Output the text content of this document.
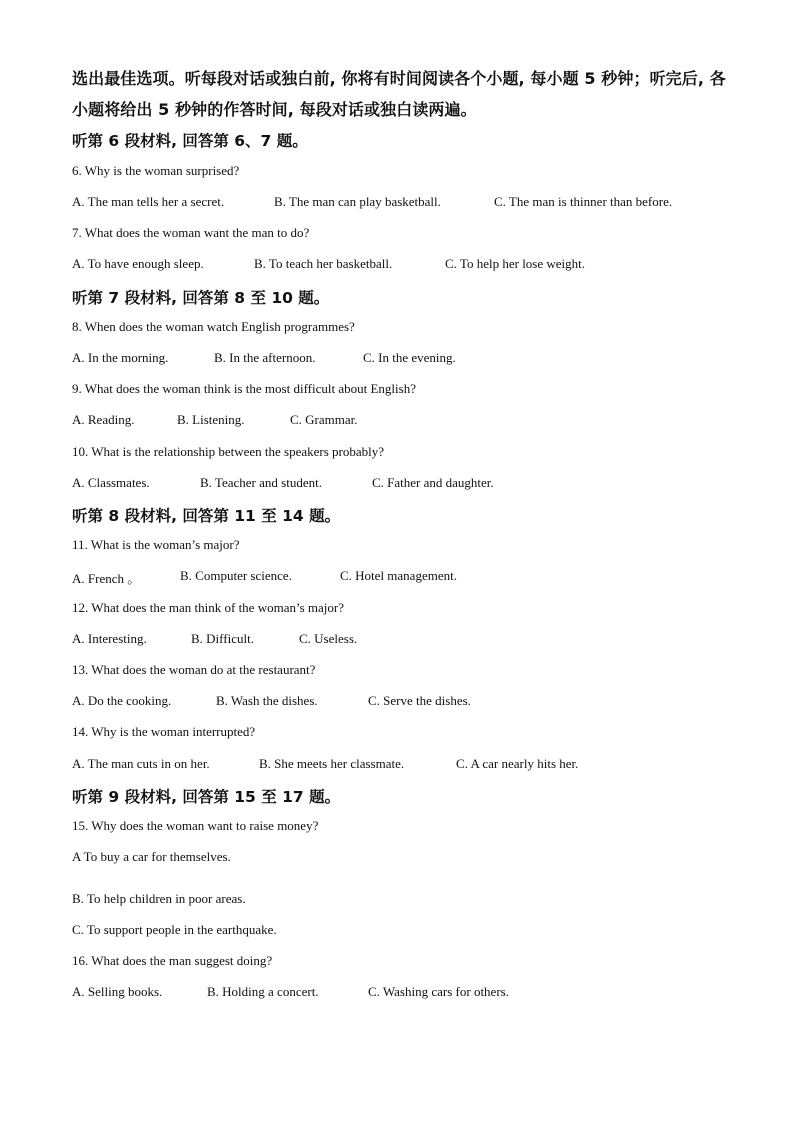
选出最佳选项。听每段对话或独白前, 你将有时间阅读各个小题, 每小题 5 秒钟；听完后, 各
小题将给出 5 秒钟的作答时间, 每段对话或独白读两遍。
听第 6 段材料, 回答第 6、7 题。
6. Why is the woman surprised?
A. The man tells her a secret.	B. The man can play basketball.	C. The man is thinner than before.
7. What does the woman want the man to do?
A. To have enough sleep.	B. To teach her basketball.	C. To help her lose weight.
听第 7 段材料, 回答第 8 至 10 题。
8. When does the woman watch English programmes?
A. In the morning.	B. In the afternoon.	C. In the evening.
9. What does the woman think is the most difficult about English?
A. Reading.	B. Listening.	C. Grammar.
10. What is the relationship between the speakers probably?
A. Classmates.	B. Teacher and student.	C. Father and daughter.
听第 8 段材料, 回答第 11 至 14 题。
11. What is the woman’s major?
A. French 。	B. Computer science.	C. Hotel management.
12. What does the man think of the woman’s major?
A. Interesting.	B. Difficult.	C. Useless.
13. What does the woman do at the restaurant?
A. Do the cooking.	B. Wash the dishes.	C. Serve the dishes.
14. Why is the woman interrupted?
A. The man cuts in on her.	B. She meets her classmate.	C. A car nearly hits her.
听第 9 段材料, 回答第 15 至 17 题。
15. Why does the woman want to raise money?
A To buy a car for themselves.
B. To help children in poor areas.
C. To support people in the earthquake.
16. What does the man suggest doing?
A. Selling books.	B. Holding a concert.	C. Washing cars for others.
